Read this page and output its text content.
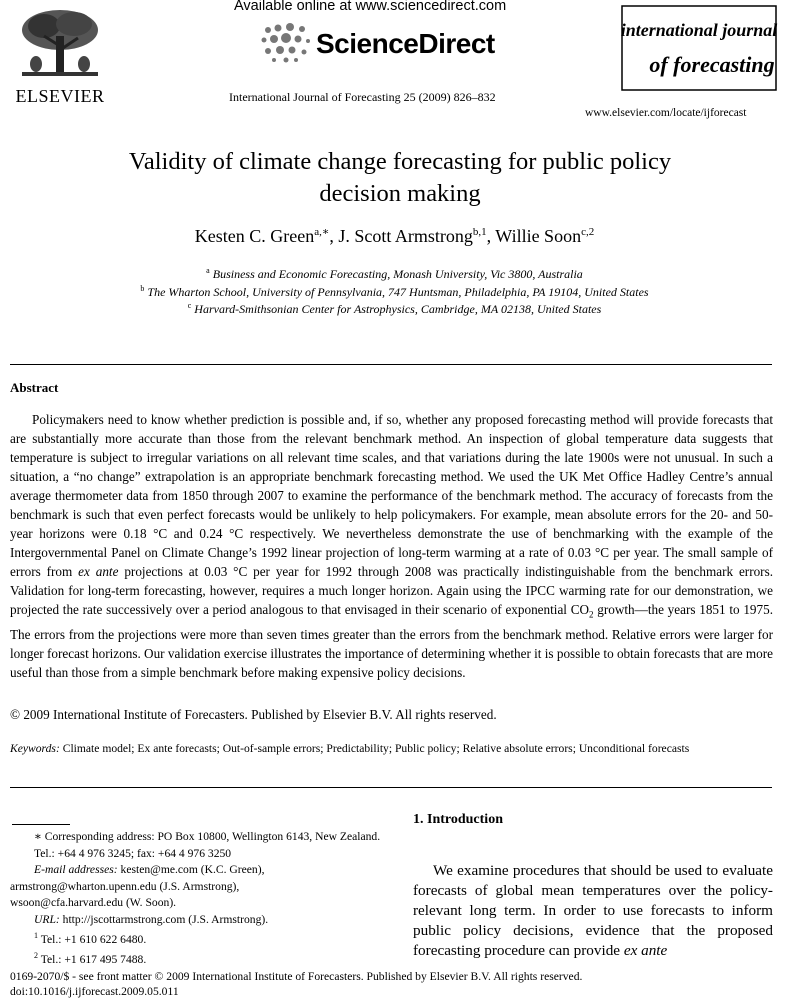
ELSEVIER
Available online at www.sciencedirect.com
ScienceDirect
International Journal of Forecasting 25 (2009) 826–832
international journal
of forecasting
www.elsevier.com/locate/ijforecast
Validity of climate change forecasting for public policy
decision making
Kesten C. Green$^{a,∗}$, J. Scott Armstrong$^{b,1}$, Willie Soon$^{c,2}$
$^a$ Business and Economic Forecasting, Monash University, Vic 3800, Australia
$^b$ The Wharton School, University of Pennsylvania, 747 Huntsman, Philadelphia, PA 19104, United States
$^c$ Harvard-Smithsonian Center for Astrophysics, Cambridge, MA 02138, United States
Abstract
Policymakers need to know whether prediction is possible and, if so, whether any proposed forecasting method will provide forecasts that are substantially more accurate than those from the relevant benchmark method. An inspection of global temperature data suggests that temperature is subject to irregular variations on all relevant time scales, and that variations during the late 1900s were not unusual. In such a situation, a “no change” extrapolation is an appropriate benchmark forecasting method. We used the UK Met Office Hadley Centre’s annual average thermometer data from 1850 through 2007 to examine the performance of the benchmark method. The accuracy of forecasts from the benchmark is such that even perfect forecasts would be unlikely to help policymakers. For example, mean absolute errors for the 20- and 50-year horizons were 0.18 °C and 0.24 °C respectively. We nevertheless demonstrate the use of benchmarking with the example of the Intergovernmental Panel on Climate Change’s 1992 linear projection of long-term warming at a rate of 0.03 °C per year. The small sample of errors from ex ante projections at 0.03 °C per year for 1992 through 2008 was practically indistinguishable from the benchmark errors. Validation for long-term forecasting, however, requires a much longer horizon. Again using the IPCC warming rate for our demonstration, we projected the rate successively over a period analogous to that envisaged in their scenario of exponential $CO_2$ growth—the years 1851 to 1975. The errors from the projections were more than seven times greater than the errors from the benchmark method. Relative errors were larger for longer forecast horizons. Our validation exercise illustrates the importance of determining whether it is possible to obtain forecasts that are more useful than those from a simple benchmark before making expensive policy decisions.
© 2009 International Institute of Forecasters. Published by Elsevier B.V. All rights reserved.
Keywords: Climate model; Ex ante forecasts; Out-of-sample errors; Predictability; Public policy; Relative absolute errors; Unconditional forecasts
∗ Corresponding address: PO Box 10800, Wellington 6143, New Zealand. Tel.: +64 4 976 3245; fax: +64 4 976 3250
E-mail addresses: kesten@me.com (K.C. Green),
armstrong@wharton.upenn.edu (J.S. Armstrong),
wsoon@cfa.harvard.edu (W. Soon).
URL: http://jscottarmstrong.com (J.S. Armstrong).
$^1$ Tel.: +1 610 622 6480.
$^2$ Tel.: +1 617 495 7488.
1. Introduction
We examine procedures that should be used to evaluate forecasts of global mean temperatures over the policy-relevant long term. In order to use forecasts to inform public policy decisions, evidence that the proposed forecasting procedure can provide ex ante
0169-2070/$ - see front matter © 2009 International Institute of Forecasters. Published by Elsevier B.V. All rights reserved.
doi:10.1016/j.ijforecast.2009.05.011
